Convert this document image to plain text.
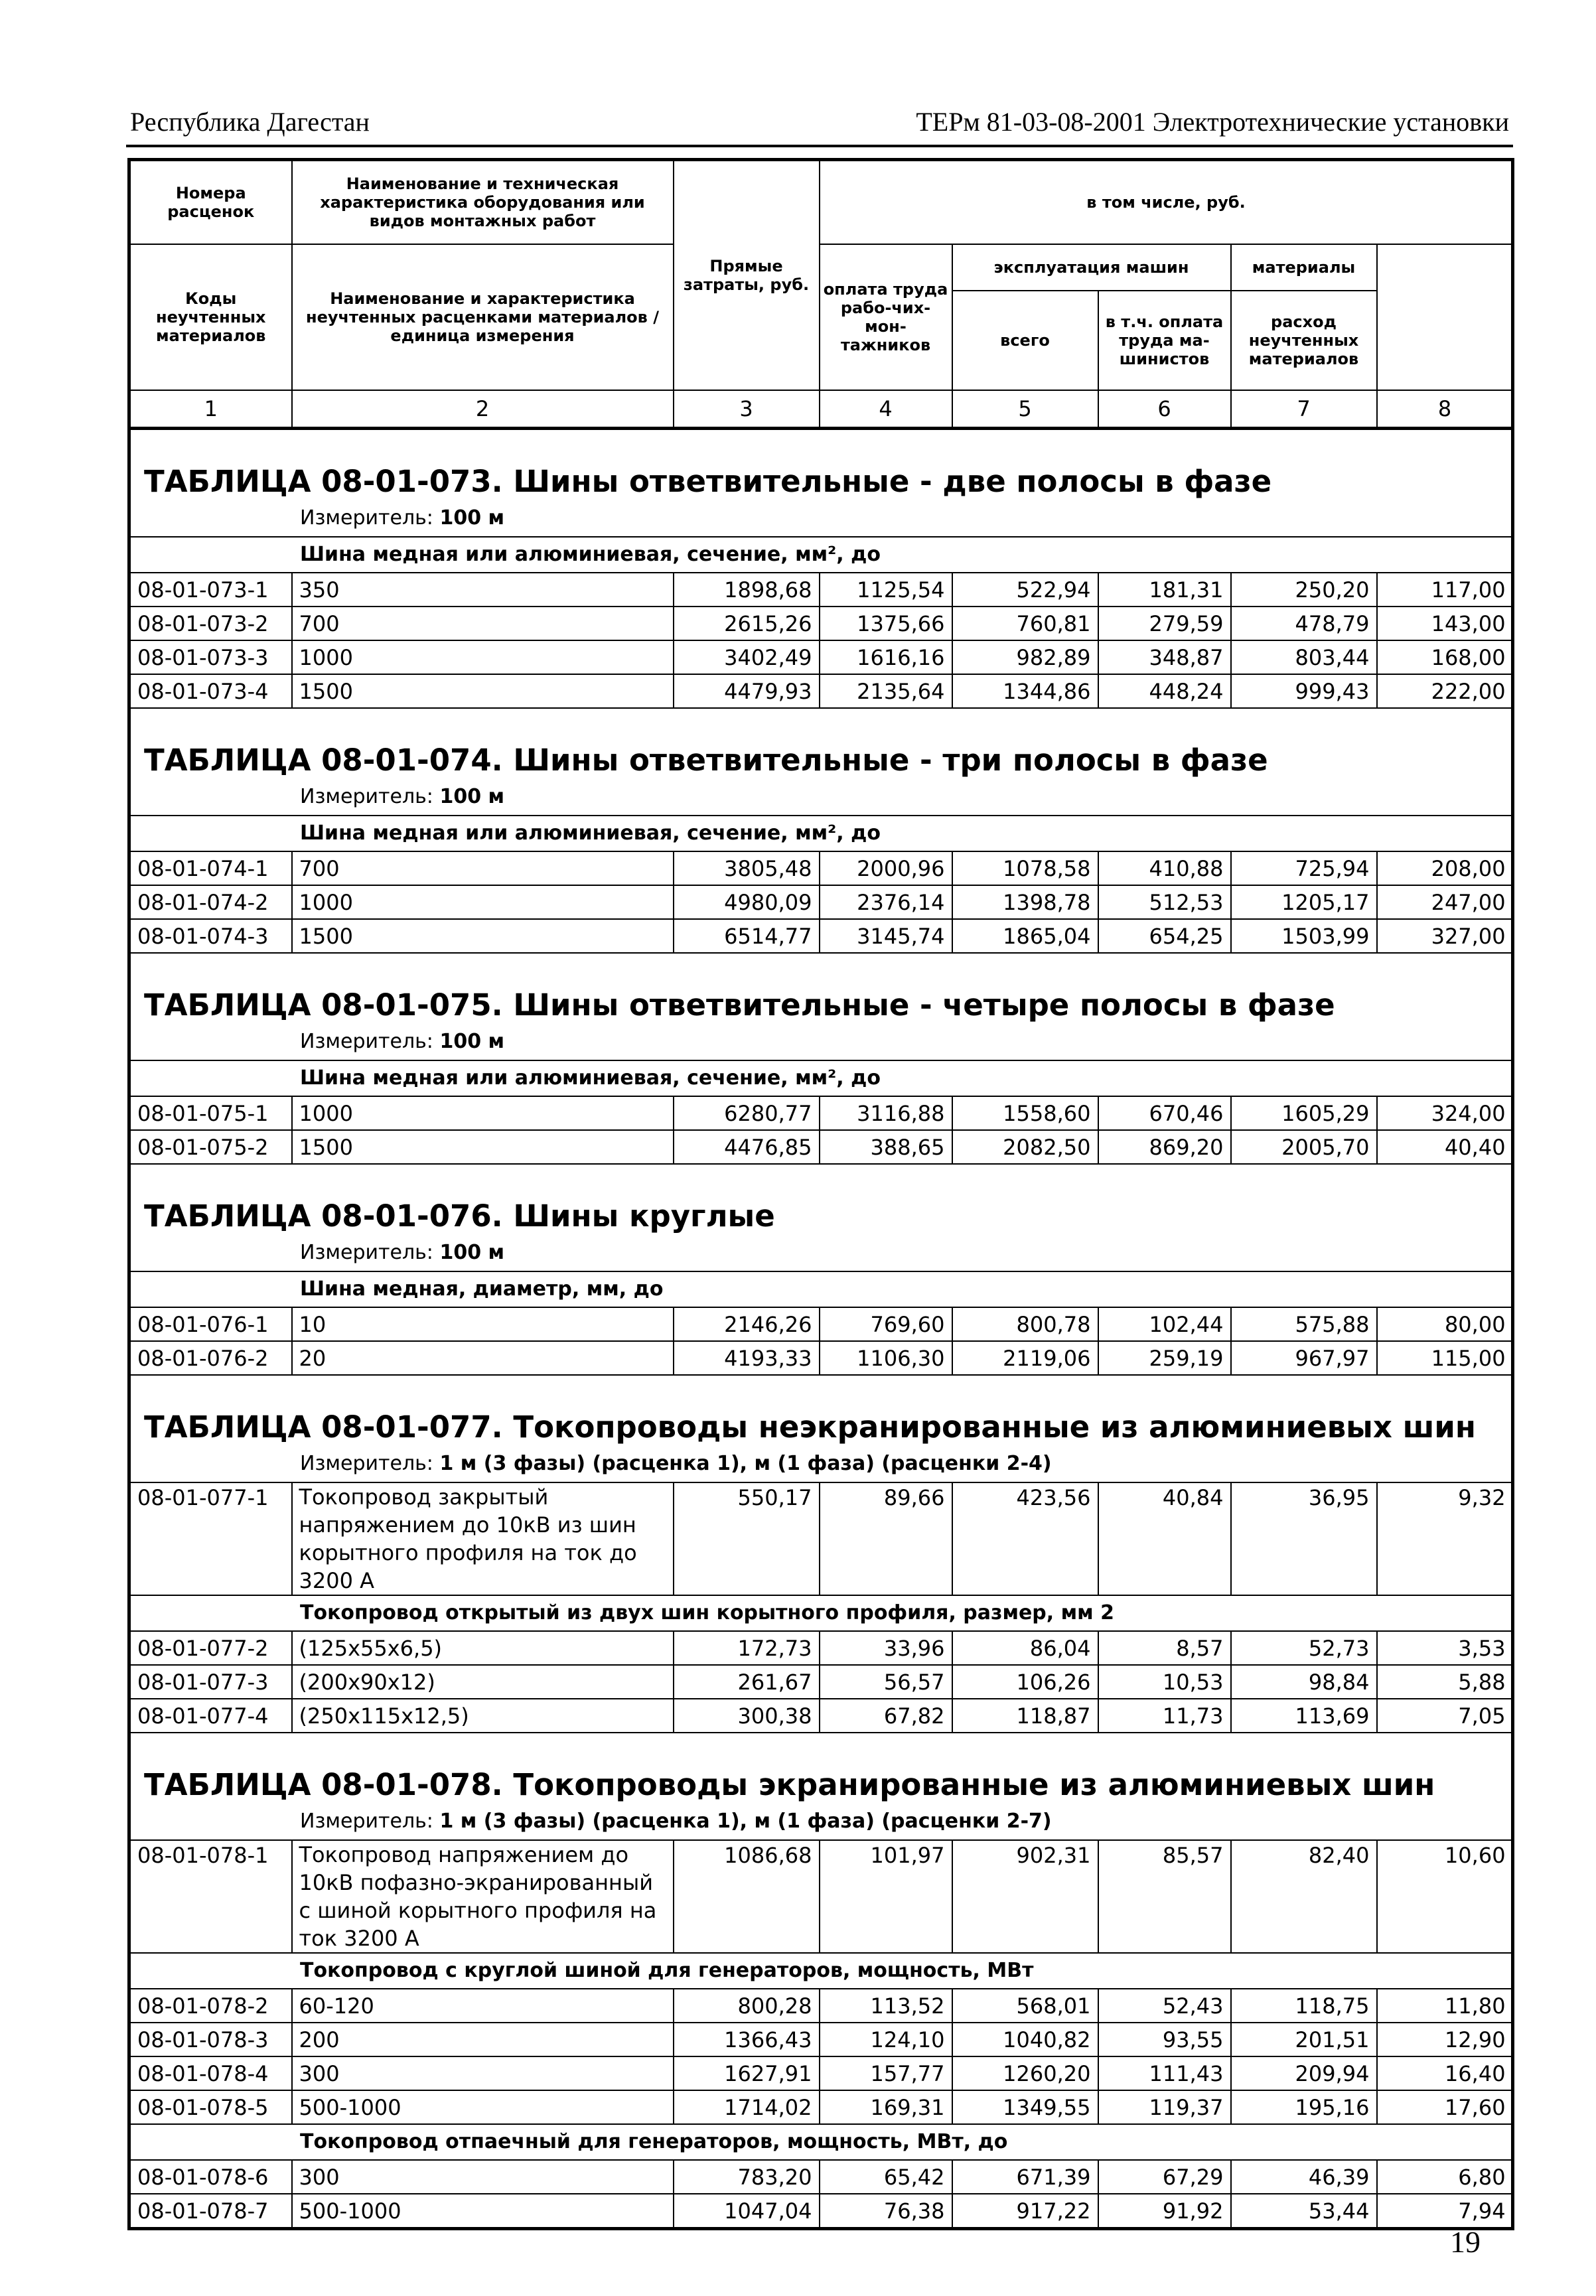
Республика Дагестан	ТЕРм 81-03-08-2001 Электротехнические установки
Номера расценок	Наименование и техническая характеристика оборудования или видов монтажных работ	Прямые затраты, руб.	в том числе, руб.	
Коды неучтенных материалов	Наименование и характеристика неучтенных расценками материалов / единица измерения		оплата труда рабо-чих-мон-тажников	эксплуатация машин		материалы		
				всего	в т.ч. оплата труда ма-шинистов	расход неучтенных материалов		
1	2	3	4	5	6	7	8	
ТАБЛИЦА 08-01-073. Шины ответвительные - две полосы в фазе								
Измеритель: 100 м								
Шина медная или алюминиевая, сечение, мм², до								
08-01-073-1	350	1898,68	1125,54	522,94	181,31	250,20	117,00	
08-01-073-2	700	2615,26	1375,66	760,81	279,59	478,79	143,00	
08-01-073-3	1000	3402,49	1616,16	982,89	348,87	803,44	168,00	
08-01-073-4	1500	4479,93	2135,64	1344,86	448,24	999,43	222,00	
ТАБЛИЦА 08-01-074. Шины ответвительные - три полосы в фазе								
Измеритель: 100 м								
Шина медная или алюминиевая, сечение, мм², до								
08-01-074-1	700	3805,48	2000,96	1078,58	410,88	725,94	208,00	
08-01-074-2	1000	4980,09	2376,14	1398,78	512,53	1205,17	247,00	
08-01-074-3	1500	6514,77	3145,74	1865,04	654,25	1503,99	327,00	
ТАБЛИЦА 08-01-075. Шины ответвительные - четыре полосы в фазе								
Измеритель: 100 м								
Шина медная или алюминиевая, сечение, мм², до								
08-01-075-1	1000	6280,77	3116,88	1558,60	670,46	1605,29	324,00	
08-01-075-2	1500	4476,85	388,65	2082,50	869,20	2005,70	40,40	
ТАБЛИЦА 08-01-076. Шины круглые								
Измеритель: 100 м								
Шина медная, диаметр, мм, до								
08-01-076-1	10	2146,26	769,60	800,78	102,44	575,88	80,00	
08-01-076-2	20	4193,33	1106,30	2119,06	259,19	967,97	115,00	
ТАБЛИЦА 08-01-077. Токопроводы неэкранированные из алюминиевых шин								
Измеритель: 1 м (3 фазы) (расценка 1), м (1 фаза) (расценки 2-4)								
08-01-077-1	Токопровод закрытый напряжением до 10кВ из шин корытного профиля на ток до 3200 А	550,17	89,66	423,56	40,84	36,95	9,32	
Токопровод открытый из двух шин корытного профиля, размер, мм 2								
08-01-077-2	(125x55x6,5)	172,73	33,96	86,04	8,57	52,73	3,53	
08-01-077-3	(200x90x12)	261,67	56,57	106,26	10,53	98,84	5,88	
08-01-077-4	(250x115x12,5)	300,38	67,82	118,87	11,73	113,69	7,05	
ТАБЛИЦА 08-01-078. Токопроводы экранированные из алюминиевых шин								
Измеритель: 1 м (3 фазы) (расценка 1), м (1 фаза) (расценки 2-7)								
08-01-078-1	Токопровод напряжением до 10кВ пофазно-экранированный с шиной корытного профиля на ток 3200 А	1086,68	101,97	902,31	85,57	82,40	10,60	
Токопровод с круглой шиной для генераторов, мощность, МВт								
08-01-078-2	60-120	800,28	113,52	568,01	52,43	118,75	11,80	
08-01-078-3	200	1366,43	124,10	1040,82	93,55	201,51	12,90	
08-01-078-4	300	1627,91	157,77	1260,20	111,43	209,94	16,40	
08-01-078-5	500-1000	1714,02	169,31	1349,55	119,37	195,16	17,60	
Токопровод отпаечный для генераторов, мощность, МВт, до								
08-01-078-6	300	783,20	65,42	671,39	67,29	46,39	6,80	
08-01-078-7	500-1000	1047,04	76,38	917,22	91,92	53,44	7,94	
19
